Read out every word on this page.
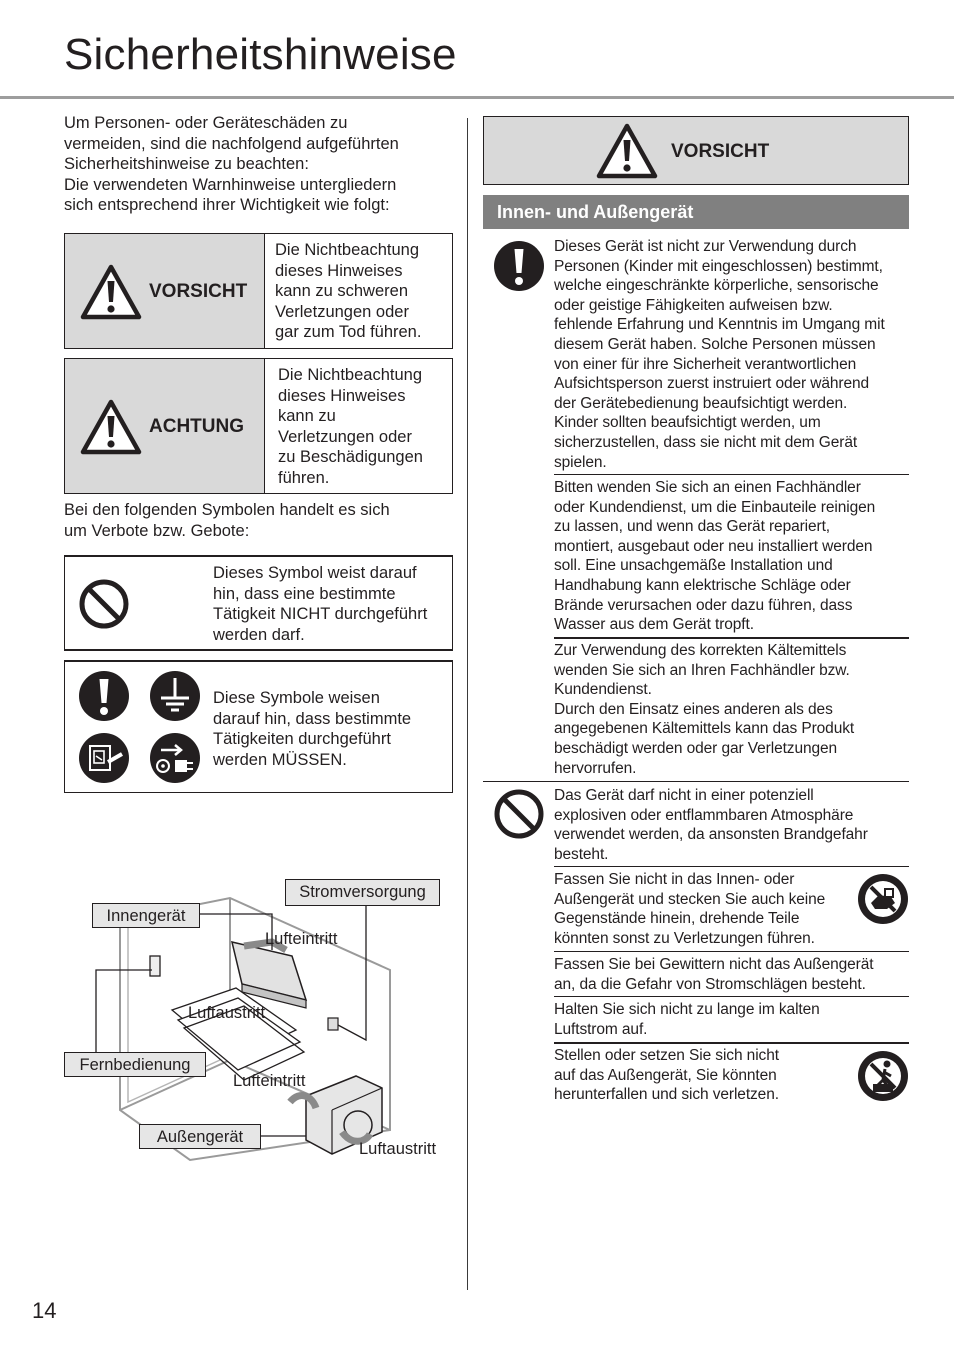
Sicherheitshinweise
Um Personen- oder Geräteschäden zu
vermeiden, sind die nachfolgend aufgeführten
Sicherheitshinweise zu beachten:
Die verwendeten Warnhinweise untergliedern
sich entsprechend ihrer Wichtigkeit wie folgt:
VORSICHT
Die Nichtbeachtung
dieses Hinweises
kann zu schweren
Verletzungen oder
gar zum Tod führen.
ACHTUNG
Die Nichtbeachtung
dieses Hinweises
kann zu
Verletzungen oder
zu Beschädigungen
führen.
Bei den folgenden Symbolen handelt es sich
um Verbote bzw. Gebote:
Dieses Symbol weist darauf
hin, dass eine bestimmte
Tätigkeit NICHT durchgeführt
werden darf.
Diese Symbole weisen
darauf hin, dass bestimmte
Tätigkeiten durchgeführt
werden MÜSSEN.
Stromversorgung
Innengerät
Lufteintritt
Luftaustritt
Fernbedienung
Lufteintritt
Außengerät
Luftaustritt
VORSICHT
Innen- und Außengerät
Dieses Gerät ist nicht zur Verwendung durch
Personen (Kinder mit eingeschlossen) bestimmt,
welche eingeschränkte körperliche, sensorische
oder geistige Fähigkeiten aufweisen bzw.
fehlende Erfahrung und Kenntnis im Umgang mit
diesem Gerät haben. Solche Personen müssen
von einer für ihre Sicherheit verantwortlichen
Aufsichtsperson zuerst instruiert oder während
der Gerätebedienung beaufsichtigt werden.
Kinder sollten beaufsichtigt werden, um
sicherzustellen, dass sie nicht mit dem Gerät
spielen.
Bitten wenden Sie sich an einen Fachhändler
oder Kundendienst, um die Einbauteile reinigen
zu lassen, und wenn das Gerät repariert,
montiert, ausgebaut oder neu installiert werden
soll. Eine unsachgemäße Installation und
Handhabung kann elektrische Schläge oder
Brände verursachen oder dazu führen, dass
Wasser aus dem Gerät tropft.
Zur Verwendung des korrekten Kältemittels
wenden Sie sich an Ihren Fachhändler bzw.
Kundendienst.
Durch den Einsatz eines anderen als des
angegebenen Kältemittels kann das Produkt
beschädigt werden oder gar Verletzungen
hervorrufen.
Das Gerät darf nicht in einer potenziell
explosiven oder entflammbaren Atmosphäre
verwendet werden, da ansonsten Brandgefahr
besteht.
Fassen Sie nicht in das Innen- oder
Außengerät und stecken Sie auch keine
Gegenstände hinein, drehende Teile
könnten sonst zu Verletzungen führen.
Fassen Sie bei Gewittern nicht das Außengerät
an, da die Gefahr von Stromschlägen besteht.
Halten Sie sich nicht zu lange im kalten
Luftstrom auf.
Stellen oder setzen Sie sich nicht
auf das Außengerät, Sie könnten
herunterfallen und sich verletzen.
14
